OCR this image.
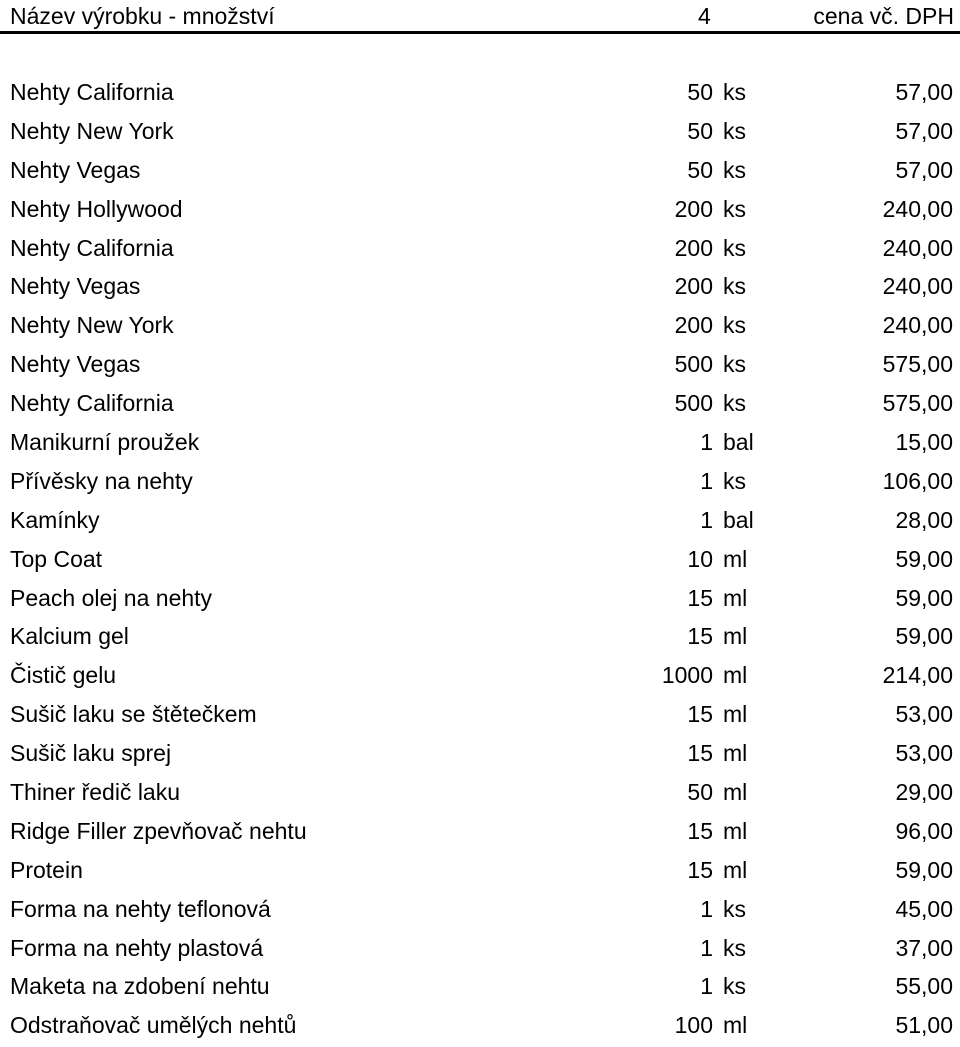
Název výrobku - množství	4	cena vč. DPH
Nehty California	50 ks	57,00
Nehty New York	50 ks	57,00
Nehty Vegas	50 ks	57,00
Nehty Hollywood	200 ks	240,00
Nehty California	200 ks	240,00
Nehty Vegas	200 ks	240,00
Nehty New York	200 ks	240,00
Nehty Vegas	500 ks	575,00
Nehty California	500 ks	575,00
Manikurní proužek	1 bal	15,00
Přívěsky na nehty	1 ks	106,00
Kamínky	1 bal	28,00
Top Coat	10 ml	59,00
Peach olej na nehty	15 ml	59,00
Kalcium gel	15 ml	59,00
Čistič gelu	1000 ml	214,00
Sušič laku se štětečkem	15 ml	53,00
Sušič laku sprej	15 ml	53,00
Thiner ředič laku	50 ml	29,00
Ridge Filler zpevňovač nehtu	15 ml	96,00
Protein	15 ml	59,00
Forma na nehty teflonová	1 ks	45,00
Forma na nehty plastová	1 ks	37,00
Maketa na zdobení nehtu	1 ks	55,00
Odstraňovač umělých nehtů	100 ml	51,00
